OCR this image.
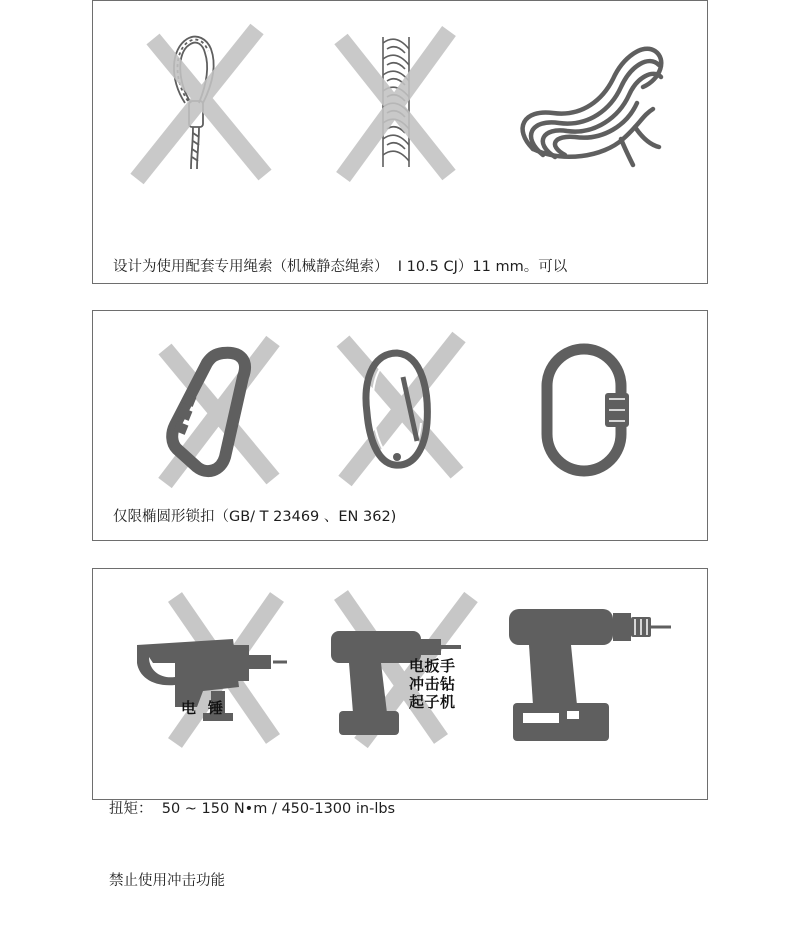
设计为使用配套专用绳索（机械静态绳索）  I 10.5 CJ）11 mm。可以

仅限椭圆形锁扣（GB/ T 23469 、EN 362)
电  锤
电扳手
冲击钻
起子机

扭矩：  50 ~ 150 N•m / 450-1300 in-lbs

禁止使用冲击功能
